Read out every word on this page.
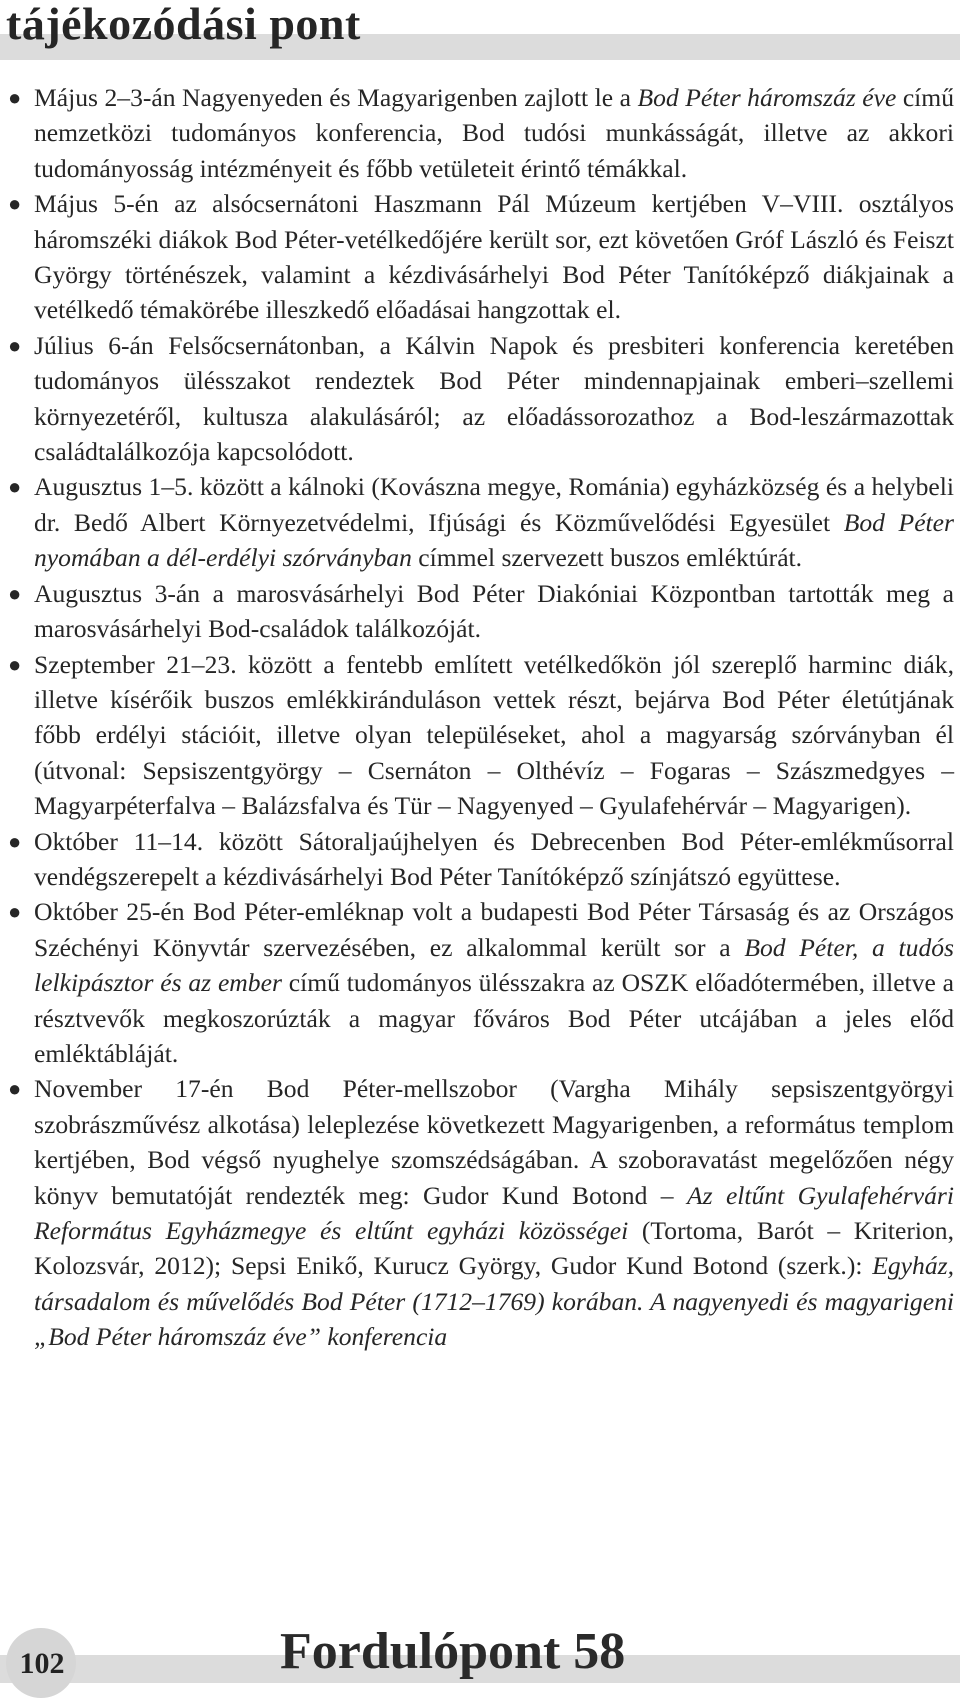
tájékozódási pont

● Május 2–3-án Nagyenyeden és Magyarigenben zajlott le a Bod Péter háromszáz éve című nemzetközi tudományos konferencia, Bod tudósi munkásságát, illetve az akkori tudományosság intézményeit és főbb vetületeit érintő témákkal.

● Május 5-én az alsócsernátoni Haszmann Pál Múzeum kertjében V–VIII. osztályos háromszéki diákok Bod Péter-vetélkedőjére került sor, ezt követően Gróf László és Feiszt György történészek, valamint a kézdivásárhelyi Bod Péter Tanítóképző diákjainak a vetélkedő témakörébe illeszkedő előadásai hangzottak el.

● Július 6-án Felsőcsernátonban, a Kálvin Napok és presbiteri konferencia keretében tudományos ülésszakot rendeztek Bod Péter mindennapjainak emberi–szellemi környezetéről, kultusza alakulásáról; az előadássorozathoz a Bod-leszármazottak családtalálkozója kapcsolódott.

● Augusztus 1–5. között a kálnoki (Kovászna megye, Románia) egyházközség és a helybeli dr. Bedő Albert Környezetvédelmi, Ifjúsági és Közművelődési Egyesület Bod Péter nyomában a dél-erdélyi szórványban címmel szervezett buszos emléktúrát.

● Augusztus 3-án a marosvásárhelyi Bod Péter Diakóniai Központban tartották meg a marosvásárhelyi Bod-családok találkozóját.

● Szeptember 21–23. között a fentebb említett vetélkedőkön jól szereplő harminc diák, illetve kísérőik buszos emlékkiránduláson vettek részt, bejárva Bod Péter életútjának főbb erdélyi stációit, illetve olyan településeket, ahol a magyarság szórványban él (útvonal: Sepsiszentgyörgy – Csernáton – Olthévíz – Fogaras – Szászmedgyes – Magyarpéterfalva – Balázsfalva és Tür – Nagyenyed – Gyulafehérvár – Magyarigen).

● Október 11–14. között Sátoraljaújhelyen és Debrecenben Bod Péter-emlékműsorral vendégszerepelt a kézdivásárhelyi Bod Péter Tanítóképző színjátszó együttese.

● Október 25-én Bod Péter-emléknap volt a budapesti Bod Péter Társaság és az Országos Széchényi Könyvtár szervezésében, ez alkalommal került sor a Bod Péter, a tudós lelkipásztor és az ember című tudományos ülésszakra az OSZK előadótermében, illetve a résztvevők megkoszorúzták a magyar főváros Bod Péter utcájában a jeles előd emléktábláját.

● November 17-én Bod Péter-mellszobor (Vargha Mihály sepsiszentgyörgyi szobrászművész alkotása) leleplezése következett Magyarigenben, a református templom kertjében, Bod végső nyughelye szomszédságában. A szoboravatást megelőzően négy könyv bemutatóját rendezték meg: Gudor Kund Botond – Az eltűnt Gyulafehérvári Református Egyházmegye és eltűnt egyházi közösségei (Tortoma, Barót – Kriterion, Kolozsvár, 2012); Sepsi Enikő, Kurucz György, Gudor Kund Botond (szerk.): Egyház, társadalom és művelődés Bod Péter (1712–1769) korában. A nagyenyedi és magyarigeni „Bod Péter háromszáz éve” konferencia

102	Fordulópont 58
